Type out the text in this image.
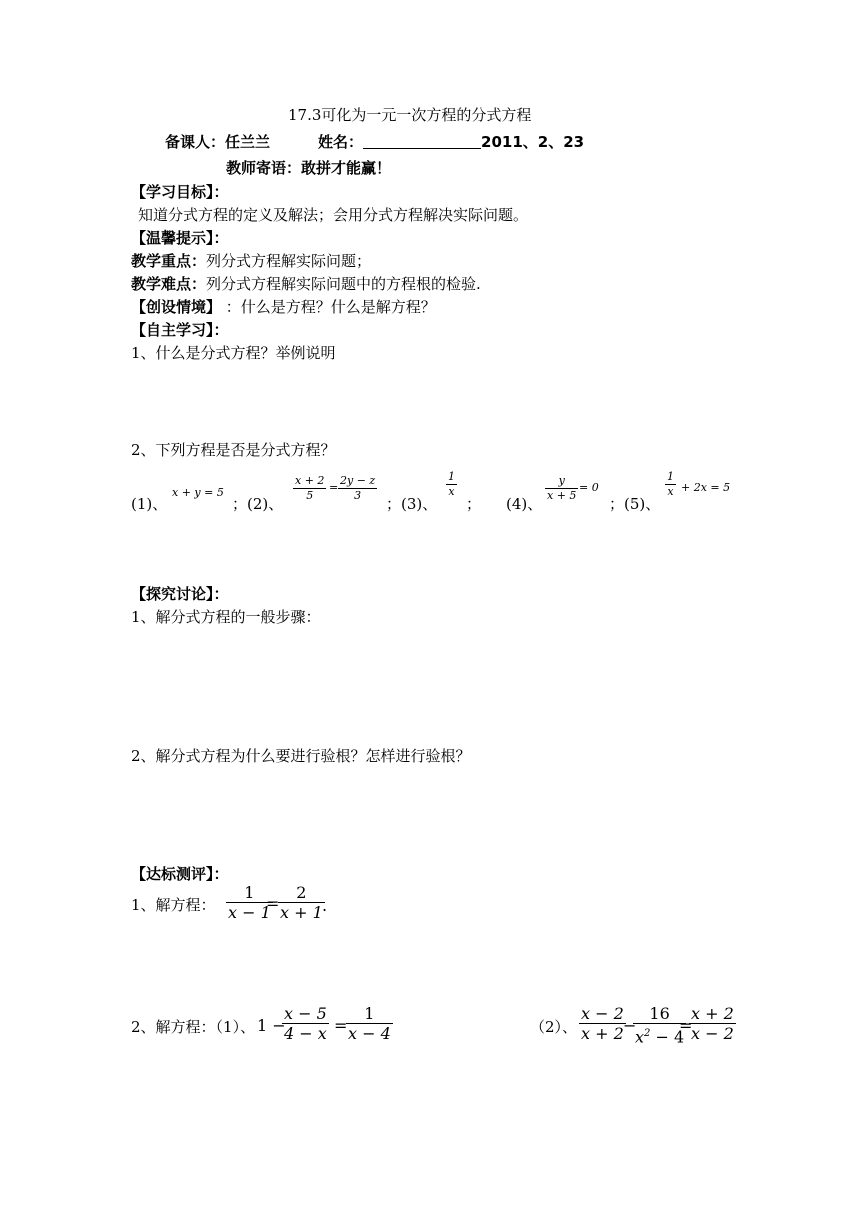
17.3可化为一元一次方程的分式方程
备课人：任兰兰	姓名：	2011、2、23
教师寄语：敢拼才能赢！
【学习目标】：
知道分式方程的定义及解法；会用分式方程解决实际问题。
【温馨提示】：
教学重点：列分式方程解实际问题；
教学难点：列分式方程解实际问题中的方程根的检验.
【创设情境】 ：什么是方程？什么是解方程？
【自主学习】：
1、什么是分式方程？举例说明
2、下列方程是否是分式方程？
(1)、
x + y = 5
；(2)、
x + 2
5
=
2y − z
3 ；(3)、
1
x
； (4)、
y
x + 5
= 0
；(5)、
1
x + 2x = 5
【探究讨论】：
1、解分式方程的一般步骤：
2、解分式方程为什么要进行验根？怎样进行验根？
【达标测评】：
1、解方程：
1
x − 1
=
2
x + 1 .
2、解方程：（1）、 1 −
x − 5
4 − x =
1
x − 4	（2）、
x − 2
x + 2 −
16
$x^2 - 4$
=
x + 2
x − 2
